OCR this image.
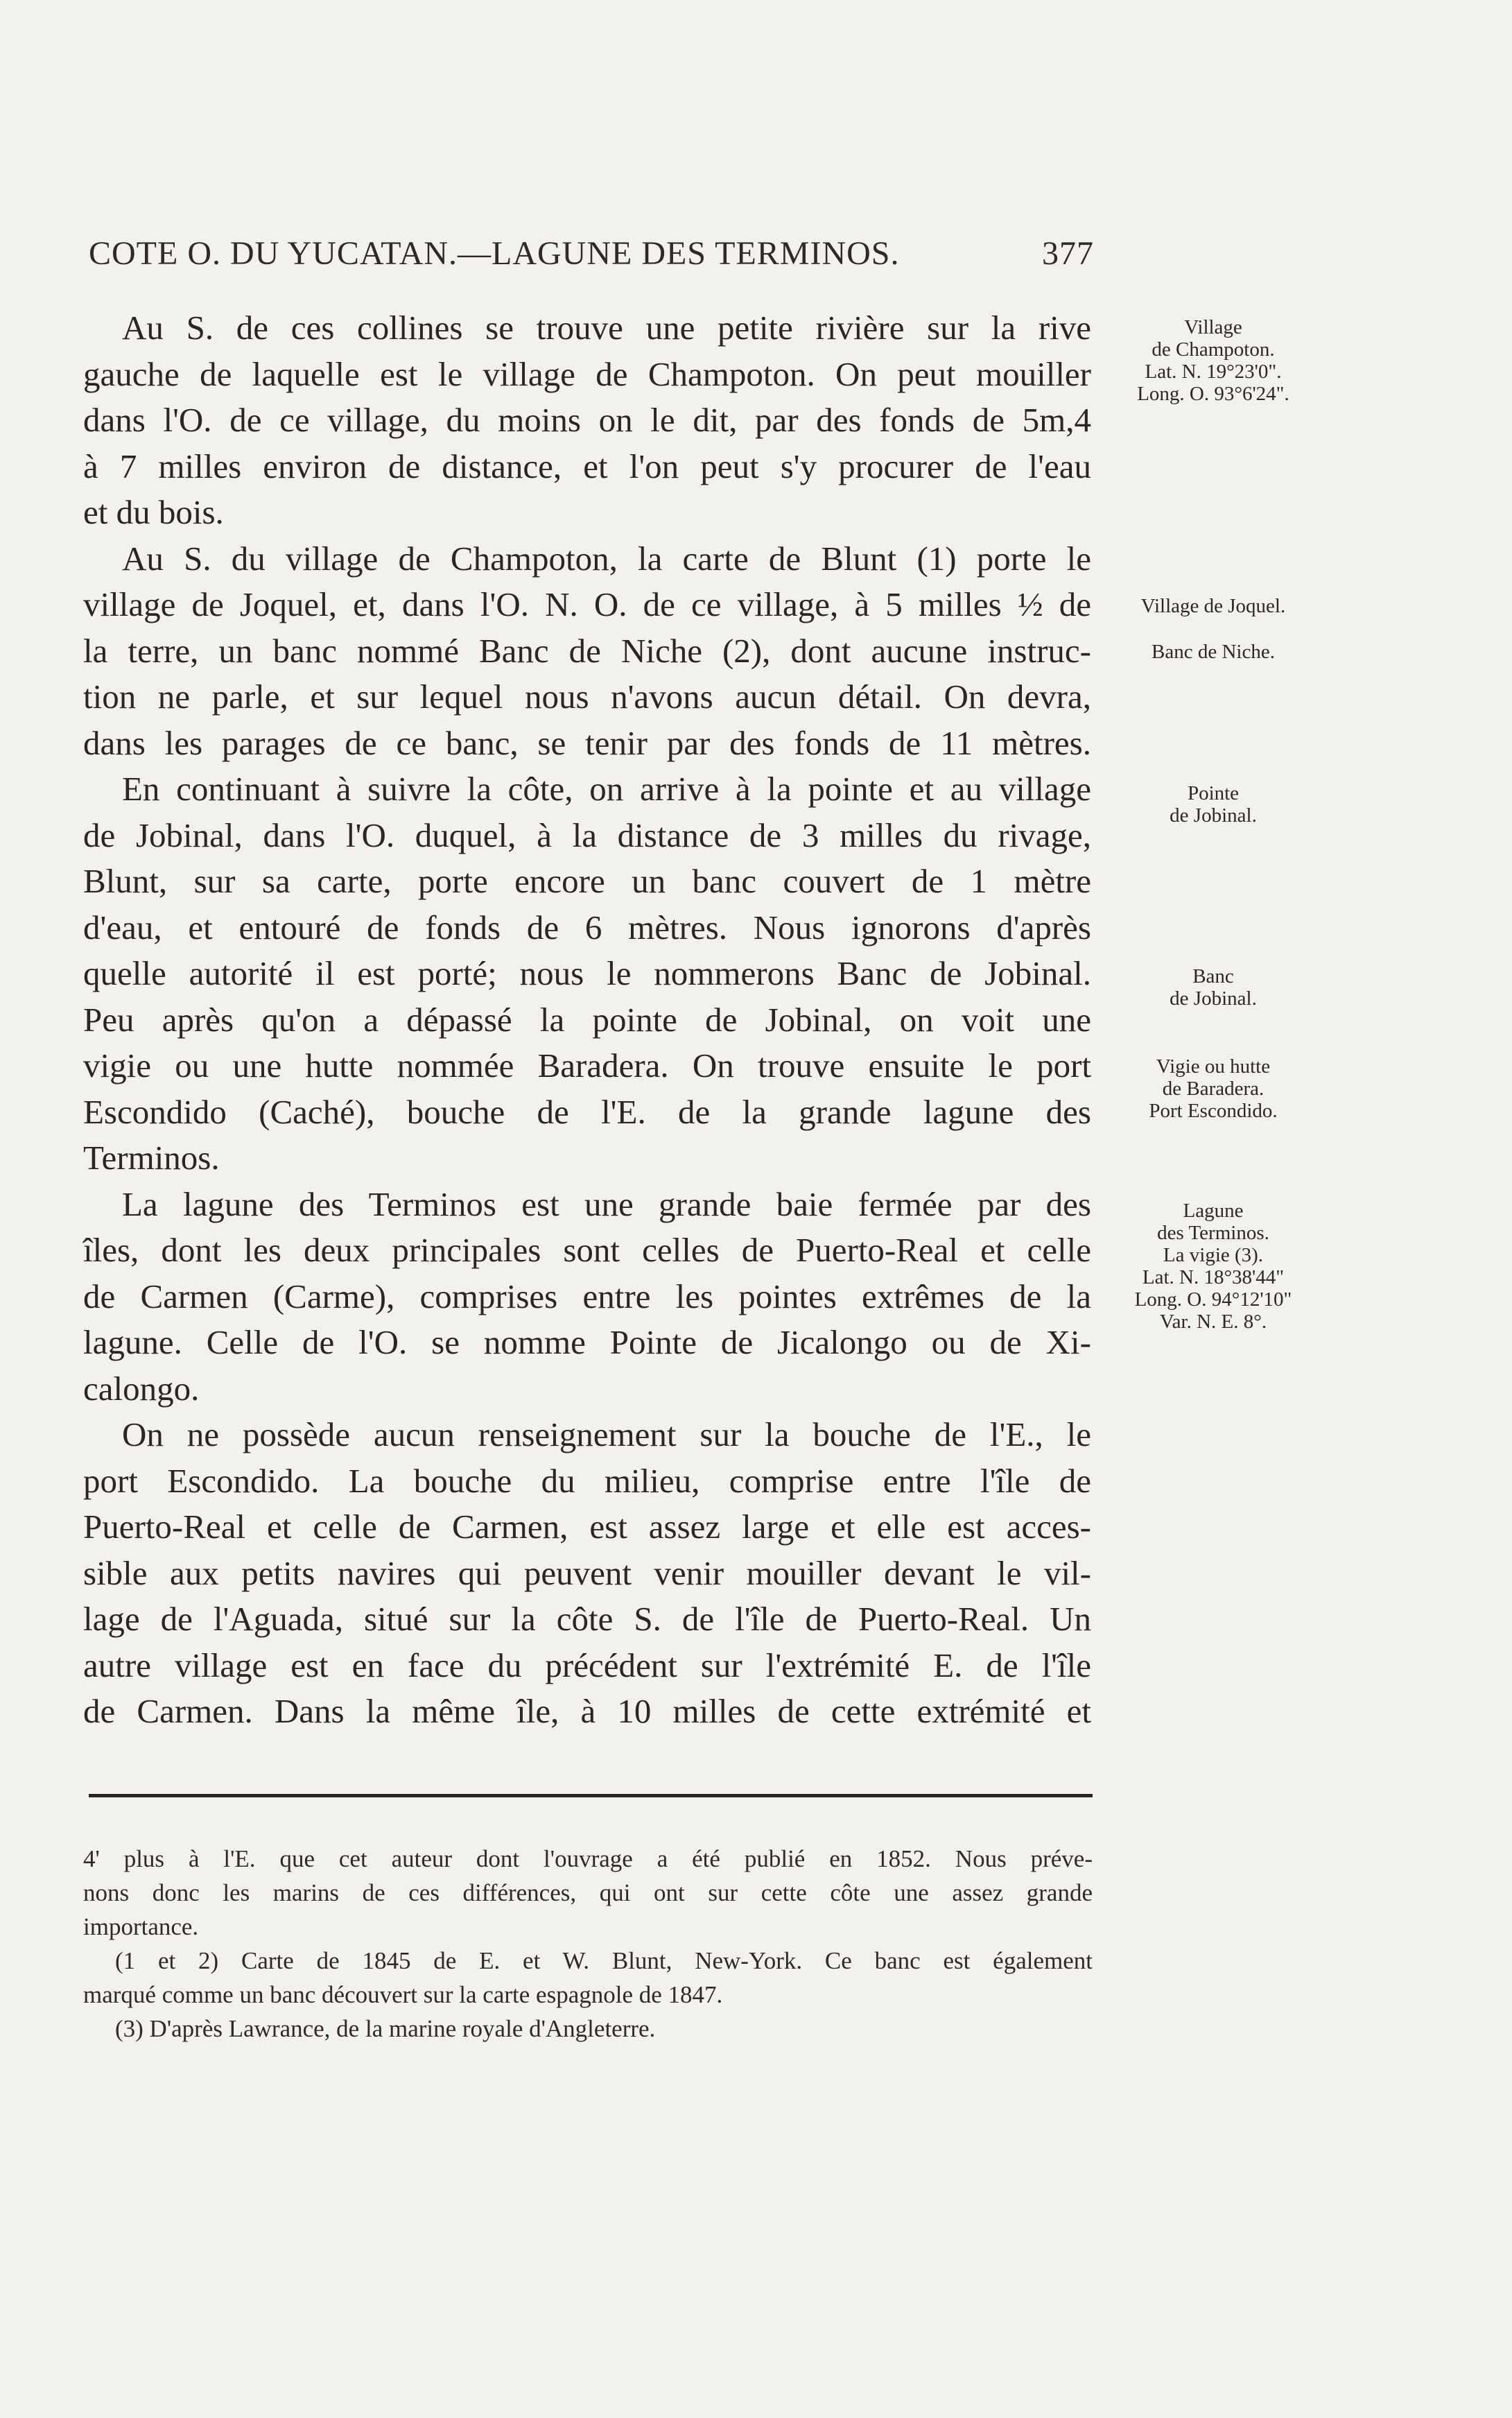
COTE O. DU YUCATAN.—LAGUNE DES TERMINOS.	377

Au S. de ces collines se trouve une petite rivière sur la rive
gauche de laquelle est le village de Champoton. On peut mouiller
dans l'O. de ce village, du moins on le dit, par des fonds de 5m,4
à 7 milles environ de distance, et l'on peut s'y procurer de l'eau
et du bois.

Au S. du village de Champoton, la carte de Blunt (1) porte le
village de Joquel, et, dans l'O. N. O. de ce village, à 5 milles ½ de
la terre, un banc nommé Banc de Niche (2), dont aucune instruc-
tion ne parle, et sur lequel nous n'avons aucun détail. On devra,
dans les parages de ce banc, se tenir par des fonds de 11 mètres.

En continuant à suivre la côte, on arrive à la pointe et au village
de Jobinal, dans l'O. duquel, à la distance de 3 milles du rivage,
Blunt, sur sa carte, porte encore un banc couvert de 1 mètre
d'eau, et entouré de fonds de 6 mètres. Nous ignorons d'après
quelle autorité il est porté; nous le nommerons Banc de Jobinal.
Peu après qu'on a dépassé la pointe de Jobinal, on voit une
vigie ou une hutte nommée Baradera. On trouve ensuite le port
Escondido (Caché), bouche de l'E. de la grande lagune des
Terminos.

La lagune des Terminos est une grande baie fermée par des
îles, dont les deux principales sont celles de Puerto-Real et celle
de Carmen (Carme), comprises entre les pointes extrêmes de la
lagune. Celle de l'O. se nomme Pointe de Jicalongo ou de Xi-
calongo.

On ne possède aucun renseignement sur la bouche de l'E., le
port Escondido. La bouche du milieu, comprise entre l'île de
Puerto-Real et celle de Carmen, est assez large et elle est acces-
sible aux petits navires qui peuvent venir mouiller devant le vil-
lage de l'Aguada, situé sur la côte S. de l'île de Puerto-Real. Un
autre village est en face du précédent sur l'extrémité E. de l'île
de Carmen. Dans la même île, à 10 milles de cette extrémité et

Village
de Champoton.
Lat. N. 19°23'0".
Long. O. 93°6'24".
Village de Joquel.
Banc de Niche.
Pointe
de Jobinal.
Banc
de Jobinal.
Vigie ou hutte
de Baradera.
Port Escondido.
Lagune
des Terminos.
La vigie (3).
Lat. N. 18°38'44"
Long. O. 94°12'10"
Var. N. E. 8°.
4' plus à l'E. que cet auteur dont l'ouvrage a été publié en 1852. Nous préve-
nons donc les marins de ces différences, qui ont sur cette côte une assez grande
importance.
(1 et 2) Carte de 1845 de E. et W. Blunt, New-York. Ce banc est également
marqué comme un banc découvert sur la carte espagnole de 1847.
(3) D'après Lawrance, de la marine royale d'Angleterre.
